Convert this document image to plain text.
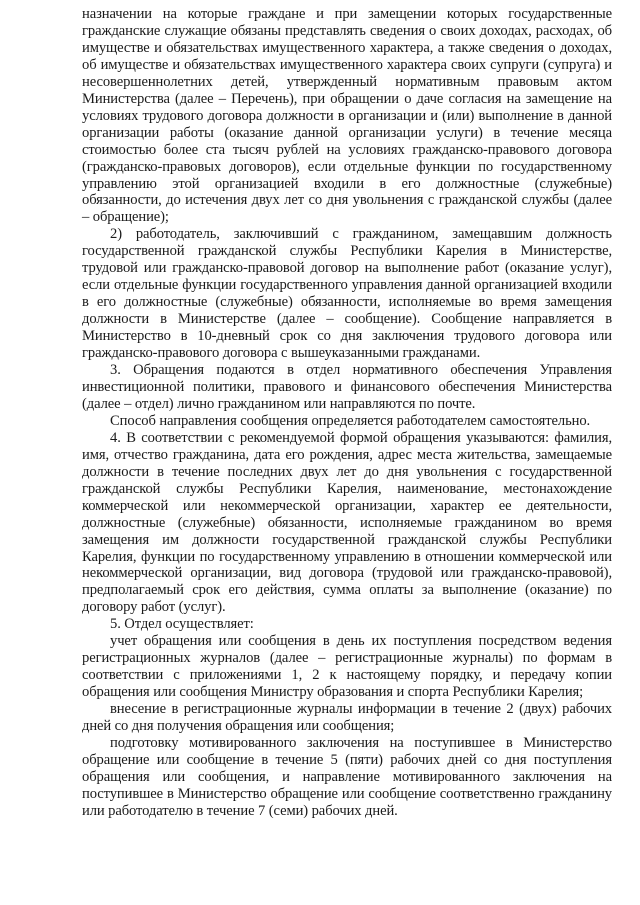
назначении на которые граждане и при замещении которых государственные гражданские служащие обязаны представлять сведения о своих доходах, расходах, об имуществе и обязательствах имущественного характера, а также сведения о доходах, об имуществе и обязательствах имущественного характера своих супруги (супруга) и несовершеннолетних детей, утвержденный нормативным правовым актом Министерства (далее – Перечень), при обращении о даче согласия на замещение на условиях трудового договора должности в организации и (или) выполнение в данной организации работы (оказание данной организации услуги) в течение месяца стоимостью более ста тысяч рублей на условиях гражданско-правового договора (гражданско-правовых договоров), если отдельные функции по государственному управлению этой организацией входили в его должностные (служебные) обязанности, до истечения двух лет со дня увольнения с гражданской службы (далее – обращение);

2) работодатель, заключивший с гражданином, замещавшим должность государственной гражданской службы Республики Карелия в Министерстве, трудовой или гражданско-правовой договор на выполнение работ (оказание услуг), если отдельные функции государственного управления данной организацией входили в его должностные (служебные) обязанности, исполняемые во время замещения должности в Министерстве (далее – сообщение). Сообщение направляется в Министерство в 10-дневный срок со дня заключения трудового договора или гражданско-правового договора с вышеуказанными гражданами.

3. Обращения подаются в отдел нормативного обеспечения Управления инвестиционной политики, правового и финансового обеспечения Министерства (далее – отдел) лично гражданином или направляются по почте.

Способ направления сообщения определяется работодателем самостоятельно.

4. В соответствии с рекомендуемой формой обращения указываются: фамилия, имя, отчество гражданина, дата его рождения, адрес места жительства, замещаемые должности в течение последних двух лет до дня увольнения с государственной гражданской службы Республики Карелия, наименование, местонахождение коммерческой или некоммерческой организации, характер ее деятельности, должностные (служебные) обязанности, исполняемые гражданином во время замещения им должности государственной гражданской службы Республики Карелия, функции по государственному управлению в отношении коммерческой или некоммерческой организации, вид договора (трудовой или гражданско-правовой), предполагаемый срок его действия, сумма оплаты за выполнение (оказание) по договору работ (услуг).

5. Отдел осуществляет:

учет обращения или сообщения в день их поступления посредством ведения регистрационных журналов (далее – регистрационные журналы) по формам в соответствии с приложениями 1, 2 к настоящему порядку, и передачу копии обращения или сообщения Министру образования и спорта Республики Карелия;

внесение в регистрационные журналы информации в течение 2 (двух) рабочих дней со дня получения обращения или сообщения;

подготовку мотивированного заключения на поступившее в Министерство обращение или сообщение в течение 5 (пяти) рабочих дней со дня поступления обращения или сообщения, и направление мотивированного заключения на поступившее в Министерство обращение или сообщение соответственно гражданину или работодателю в течение 7 (семи) рабочих дней.
